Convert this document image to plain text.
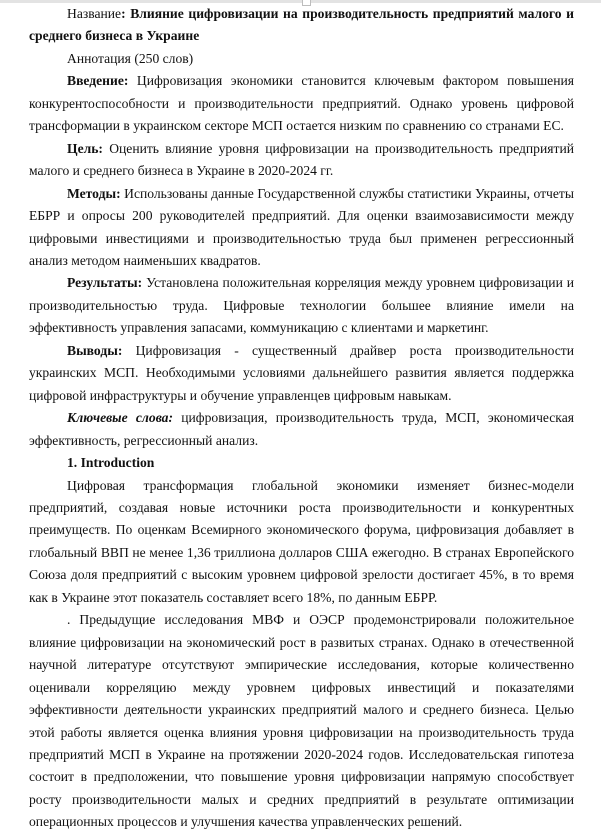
Название: Влияние цифровизации на производительность предприятий малого и среднего бизнеса в Украине

Аннотация (250 слов)

Введение: Цифровизация экономики становится ключевым фактором повышения конкурентоспособности и производительности предприятий. Однако уровень цифровой трансформации в украинском секторе МСП остается низким по сравнению со странами ЕС.

Цель: Оценить влияние уровня цифровизации на производительность предприятий малого и среднего бизнеса в Украине в 2020-2024 гг.

Методы: Использованы данные Государственной службы статистики Украины, отчеты ЕБРР и опросы 200 руководителей предприятий. Для оценки взаимозависимости между цифровыми инвестициями и производительностью труда был применен регрессионный анализ методом наименьших квадратов.

Результаты: Установлена положительная корреляция между уровнем цифровизации и производительностью труда. Цифровые технологии большее влияние имели на эффективность управления запасами, коммуникацию с клиентами и маркетинг.

Выводы: Цифровизация - существенный драйвер роста производительности украинских МСП. Необходимыми условиями дальнейшего развития является поддержка цифровой инфраструктуры и обучение управленцев цифровым навыкам.

Ключевые слова: цифровизация, производительность труда, МСП, экономическая эффективность, регрессионный анализ.

1. Introduction

Цифровая трансформация глобальной экономики изменяет бизнес-модели предприятий, создавая новые источники роста производительности и конкурентных преимуществ. По оценкам Всемирного экономического форума, цифровизация добавляет в глобальный ВВП не менее 1,36 триллиона долларов США ежегодно. В странах Европейского Союза доля предприятий с высоким уровнем цифровой зрелости достигает 45%, в то время как в Украине этот показатель составляет всего 18%, по данным ЕБРР.

. Предыдущие исследования МВФ и ОЭСР продемонстрировали положительное влияние цифровизации на экономический рост в развитых странах. Однако в отечественной научной литературе отсутствуют эмпирические исследования, которые количественно оценивали корреляцию между уровнем цифровых инвестиций и показателями эффективности деятельности украинских предприятий малого и среднего бизнеса. Целью этой работы является оценка влияния уровня цифровизации на производительность труда предприятий МСП в Украине на протяжении 2020-2024 годов. Исследовательская гипотеза состоит в предположении, что повышение уровня цифровизации напрямую способствует росту производительности малых и средних предприятий в результате оптимизации операционных процессов и улучшения качества управленческих решений.
